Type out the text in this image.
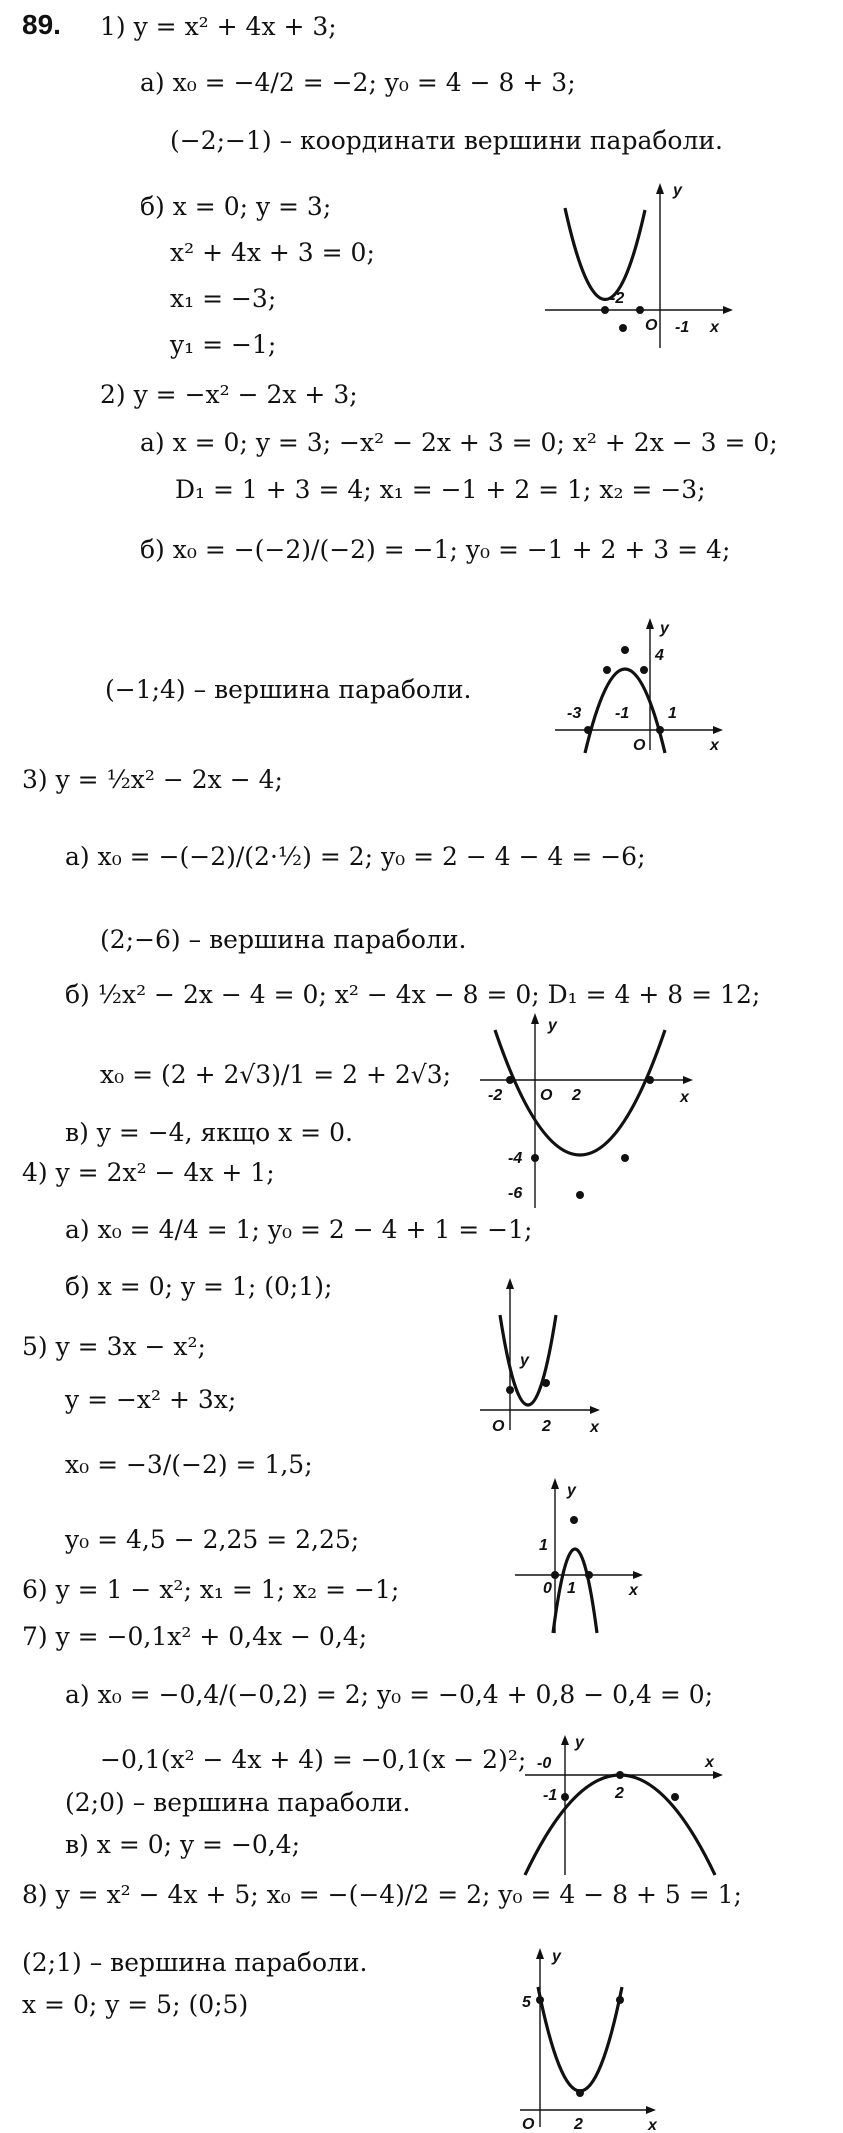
89. 1) y = x² + 4x + 3;
а) x₀ = −4/2 = −2; y₀ = 4 − 8 + 3;
(−2;−1) – координати вершини параболи.
б) x = 0; y = 3;
x² + 4x + 3 = 0;
x₁ = −3;
y₁ = −1;
y
x
-2
O -1
2) y = −x² − 2x + 3;
а) x = 0; y = 3; −x² − 2x + 3 = 0; x² + 2x − 3 = 0;
D₁ = 1 + 3 = 4; x₁ = −1 + 2 = 1; x₂ = −3;
б) x₀ = −(−2)/(−2) = −1; y₀ = −1 + 2 + 3 = 4;
(−1;4) – вершина параболи.
y
x
4
-3 -1 1
O
3) y = ½x² − 2x − 4;
а) x₀ = −(−2)/(2·½) = 2; y₀ = 2 − 4 − 4 = −6;
(2;−6) – вершина параболи.
б) ½x² − 2x − 4 = 0; x² − 4x − 8 = 0; D₁ = 4 + 8 = 12;
x₀ = (2 + 2√3)/1 = 2 + 2√3;
в) y = −4, якщо x = 0.
y
x
-2 O 2
-4
-6
4) y = 2x² − 4x + 1;
а) x₀ = 4/4 = 1; y₀ = 2 − 4 + 1 = −1;
б) x = 0; y = 1; (0;1);
5) y = 3x − x²;
y = −x² + 3x;
x₀ = −3/(−2) = 1,5;
y₀ = 4,5 − 2,25 = 2,25;
y
x
O 2
y
x
1
0 1
6) y = 1 − x²; x₁ = 1; x₂ = −1;
7) y = −0,1x² + 0,4x − 0,4;
а) x₀ = −0,4/(−0,2) = 2; y₀ = −0,4 + 0,8 − 0,4 = 0;
−0,1(x² − 4x + 4) = −0,1(x − 2)²;
(2;0) – вершина параболи.
в) x = 0; y = −0,4;
y
x
-0
-1	2
8) y = x² − 4x + 5; x₀ = −(−4)/2 = 2; y₀ = 4 − 8 + 5 = 1;
(2;1) – вершина параболи.
x = 0; y = 5; (0;5)
y
x
5
O 2
